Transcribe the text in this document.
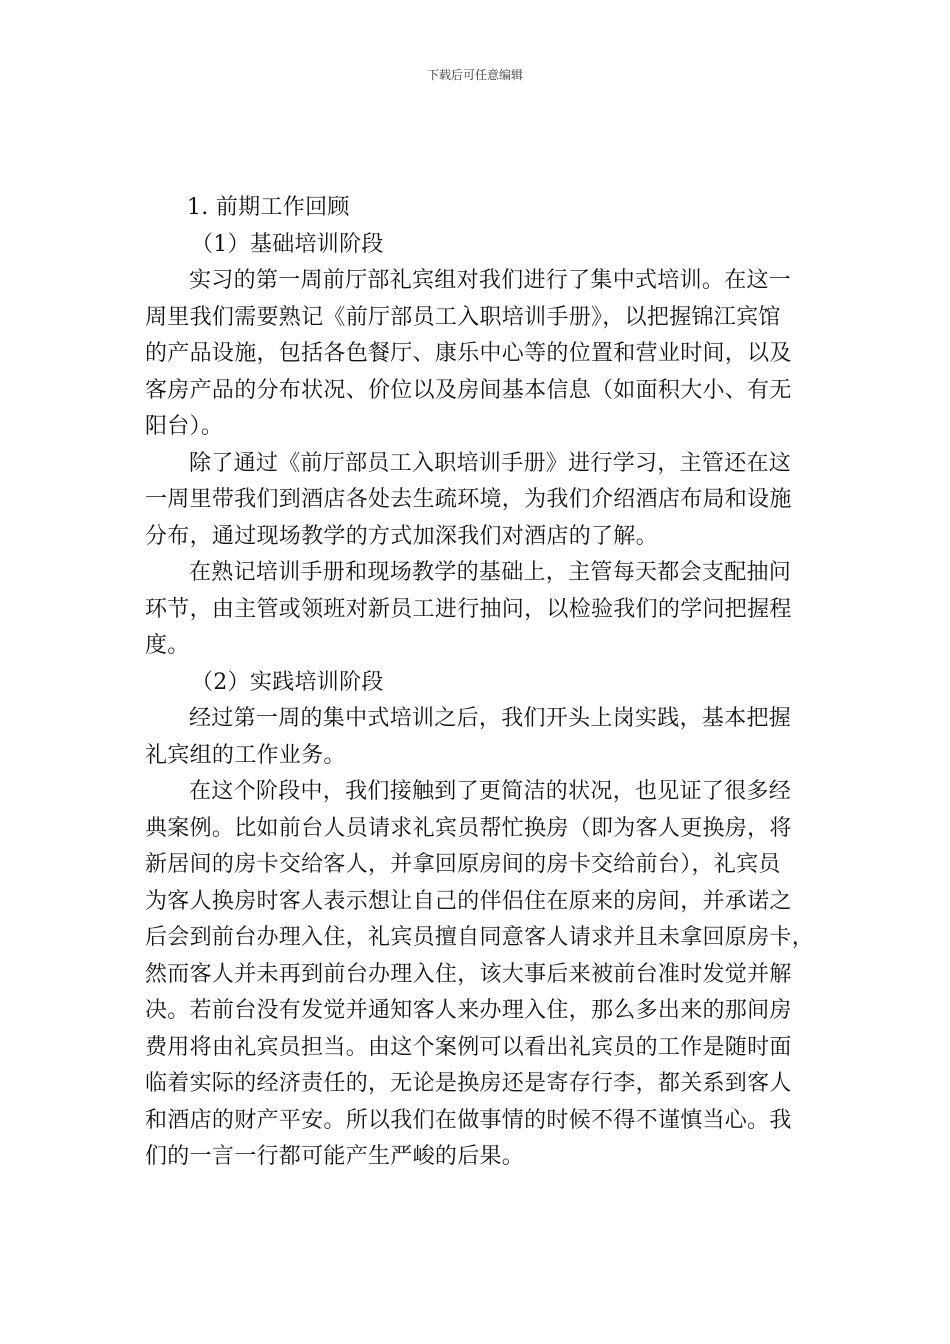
下载后可任意编辑
1. 前期工作回顾
（1）基础培训阶段
实习的第一周前厅部礼宾组对我们进行了集中式培训。在这一
周里我们需要熟记《前厅部员工入职培训手册》，以把握锦江宾馆
的产品设施，包括各色餐厅、康乐中心等的位置和营业时间，以及
客房产品的分布状况、价位以及房间基本信息（如面积大小、有无
阳台）。
除了通过《前厅部员工入职培训手册》进行学习，主管还在这
一周里带我们到酒店各处去生疏环境，为我们介绍酒店布局和设施
分布，通过现场教学的方式加深我们对酒店的了解。
在熟记培训手册和现场教学的基础上，主管每天都会支配抽问
环节，由主管或领班对新员工进行抽问，以检验我们的学问把握程
度。
（2）实践培训阶段
经过第一周的集中式培训之后，我们开头上岗实践，基本把握
礼宾组的工作业务。
在这个阶段中，我们接触到了更简洁的状况，也见证了很多经
典案例。比如前台人员请求礼宾员帮忙换房（即为客人更换房，将
新居间的房卡交给客人，并拿回原房间的房卡交给前台），礼宾员
为客人换房时客人表示想让自己的伴侣住在原来的房间，并承诺之
后会到前台办理入住，礼宾员擅自同意客人请求并且未拿回原房卡，
然而客人并未再到前台办理入住，该大事后来被前台准时发觉并解
决。若前台没有发觉并通知客人来办理入住，那么多出来的那间房
费用将由礼宾员担当。由这个案例可以看出礼宾员的工作是随时面
临着实际的经济责任的，无论是换房还是寄存行李，都关系到客人
和酒店的财产平安。所以我们在做事情的时候不得不谨慎当心。我
们的一言一行都可能产生严峻的后果。
